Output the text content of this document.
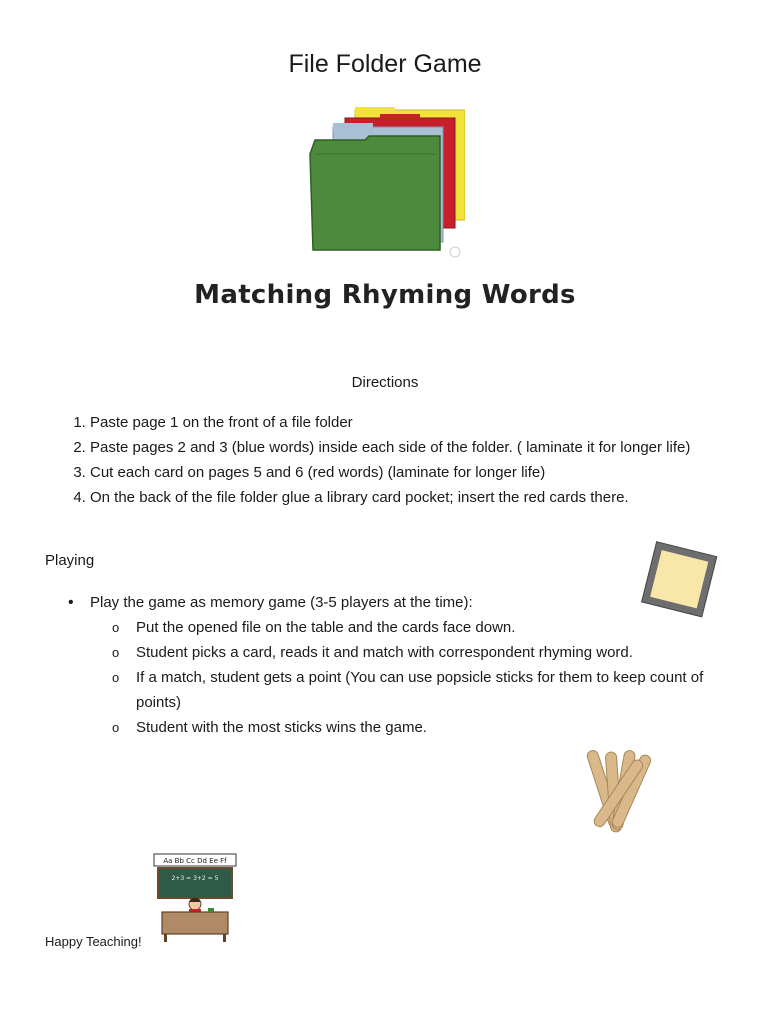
File Folder Game
Matching Rhyming Words
Directions
1. Paste page 1 on the front of a file folder
2. Paste pages 2 and 3 (blue words) inside each side of the folder. ( laminate it for longer life)
3. Cut each card on pages 5 and 6 (red words) (laminate for longer life)
4. On the back of the file folder glue a library card pocket; insert the red cards there.
Playing
• Play the game as memory game (3-5 players at the time):
o Put the opened file on the table and the cards face down.
o Student picks a card, reads it and match with correspondent rhyming word.
o If a match, student gets a point (You can use popsicle sticks for them to keep count of points)
o Student with the most sticks wins the game.
Aa Bb Cc Dd Ee Ff
2+3 = 3+2 = 5
Happy Teaching!
